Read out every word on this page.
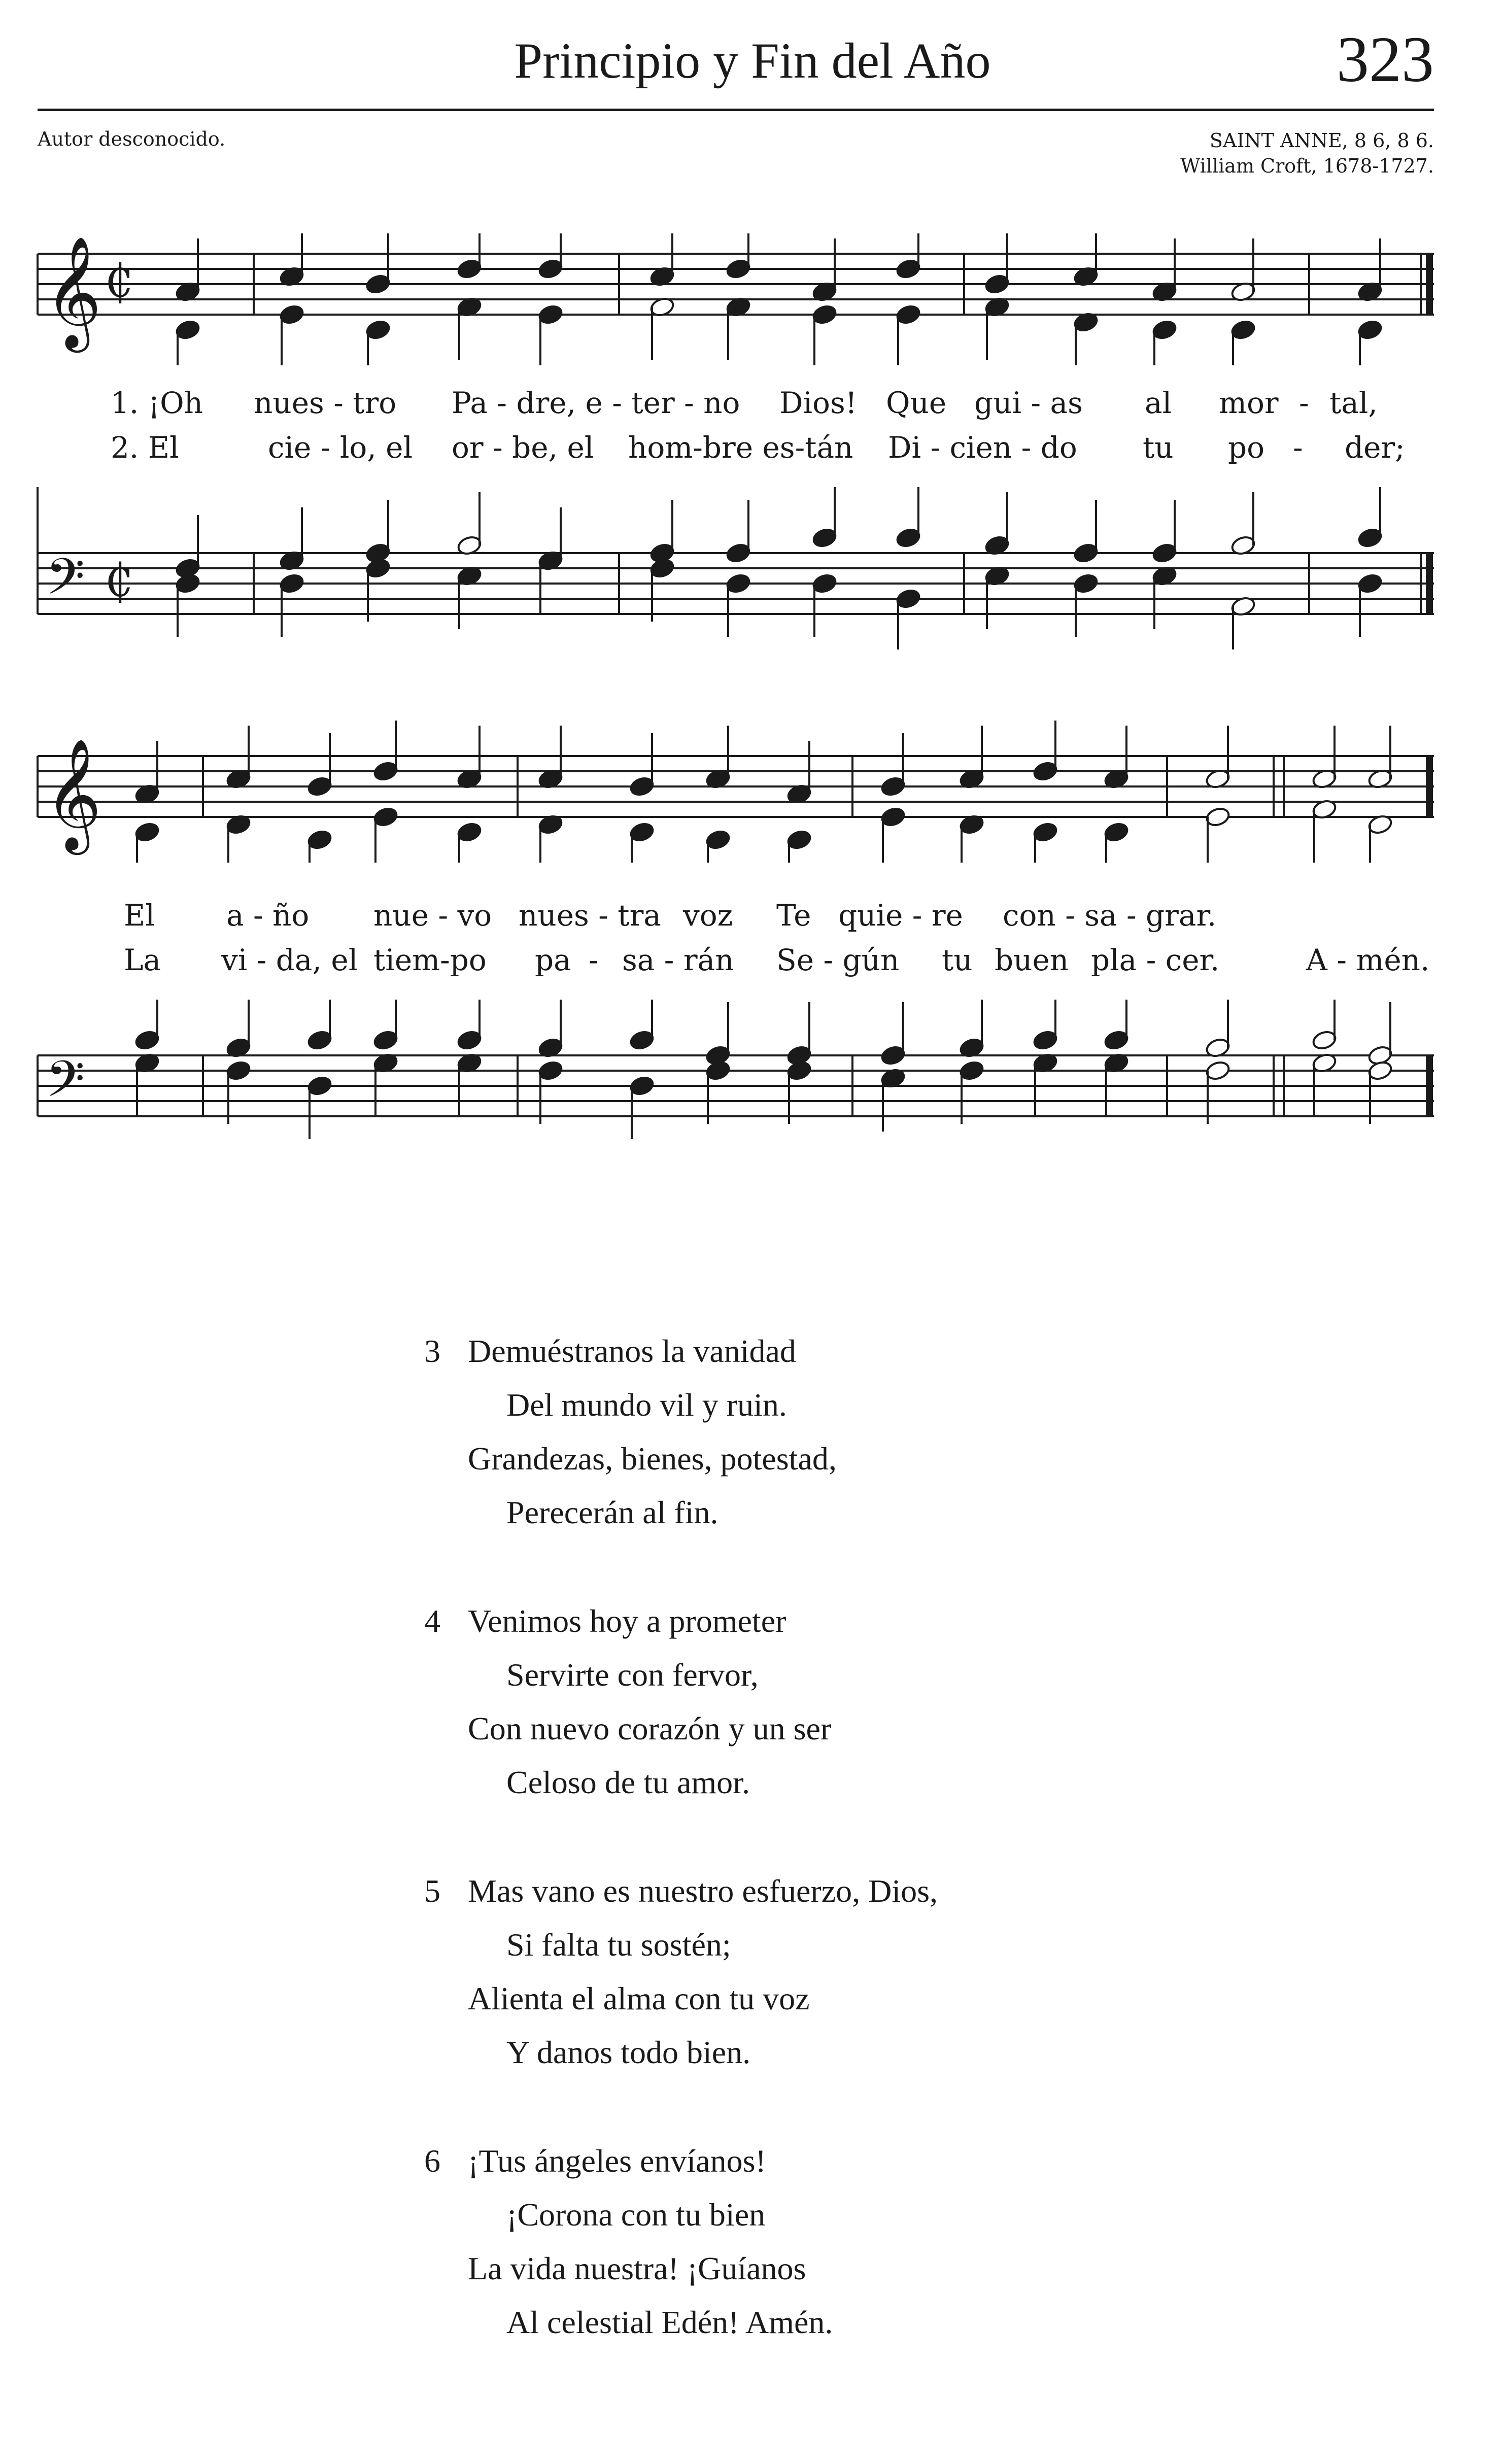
Principio y Fin del Año	323
Autor desconocido.	SAINT ANNE, 8 6, 8 6.
William Croft, 1678-1727.
𝄞 ₵
1. ¡Oh nues - tro Pa - dre, e - ter - no Dios! Que gui - as al mor - tal,
2. El	cie - lo, el or - be, el hom-bre es-tán Di - cien - do tu po - der;
𝄢 ₵
𝄞
El a - ño nue - vo nues - tra voz Te quie - re con - sa - grar.
La vi - da, el tiem-po pa - sa - rán Se - gún tu buen pla - cer.	A - mén.
𝄢
3 Demuéstranos la vanidad
Del mundo vil y ruin.
Grandezas, bienes, potestad,
Perecerán al fin.
4 Venimos hoy a prometer
Servirte con fervor,
Con nuevo corazón y un ser
Celoso de tu amor.
5 Mas vano es nuestro esfuerzo, Dios,
Si falta tu sostén;
Alienta el alma con tu voz
Y danos todo bien.
6 ¡Tus ángeles envíanos!
¡Corona con tu bien
La vida nuestra! ¡Guíanos
Al celestial Edén! Amén.
